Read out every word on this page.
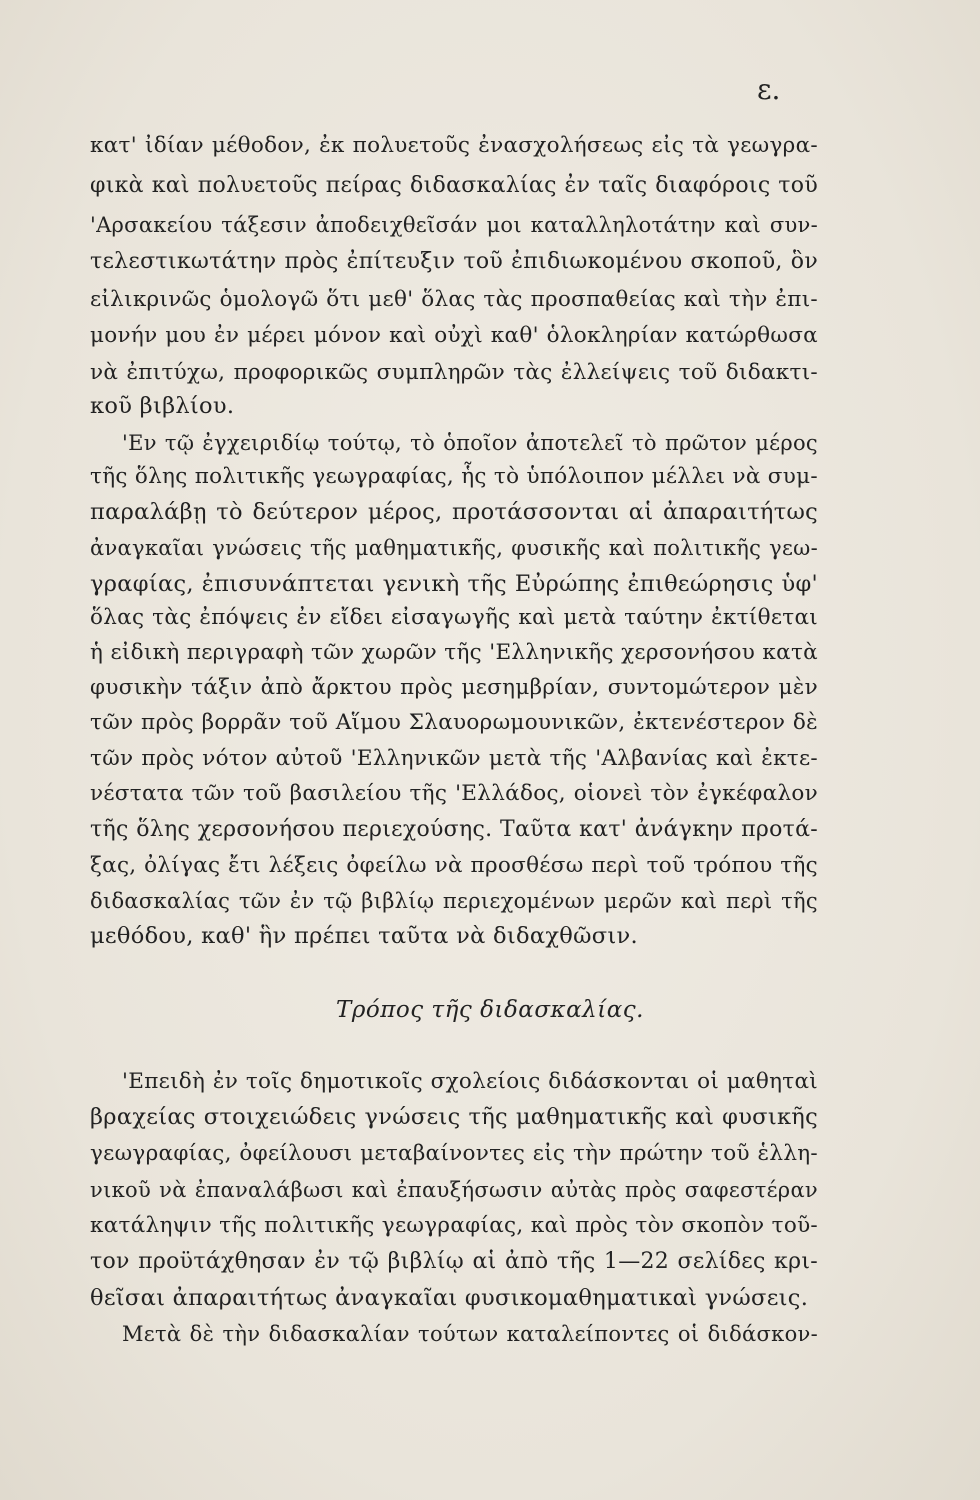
ε.
κατ' ἰδίαν μέθοδον, ἐκ πολυετοῦς ἐνασχολήσεως εἰς τὰ γεωγρα-
φικὰ καὶ πολυετοῦς πείρας διδασκαλίας ἐν ταῖς διαφόροις τοῦ
'Αρσακείου τάξεσιν ἀποδειχθεῖσάν μοι καταλληλοτάτην καὶ συν-
τελεστικωτάτην πρὸς ἐπίτευξιν τοῦ ἐπιδιωκομένου σκοποῦ, ὃν
εἰλικρινῶς ὁμολογῶ ὅτι μεθ' ὅλας τὰς προσπαθείας καὶ τὴν ἐπι-
μονήν μου ἐν μέρει μόνον καὶ οὐχὶ καθ' ὁλοκληρίαν κατώρθωσα
νὰ ἐπιτύχω, προφορικῶς συμπληρῶν τὰς ἐλλείψεις τοῦ διδακτι-
κοῦ βιβλίου.
'Εν τῷ ἐγχειριδίῳ τούτῳ, τὸ ὁποῖον ἀποτελεῖ τὸ πρῶτον μέρος
τῆς ὅλης πολιτικῆς γεωγραφίας, ἧς τὸ ὑπόλοιπον μέλλει νὰ συμ-
παραλάβῃ τὸ δεύτερον μέρος, προτάσσονται αἱ ἀπαραιτήτως
ἀναγκαῖαι γνώσεις τῆς μαθηματικῆς, φυσικῆς καὶ πολιτικῆς γεω-
γραφίας, ἐπισυνάπτεται γενικὴ τῆς Εὐρώπης ἐπιθεώρησις ὑφ'
ὅλας τὰς ἐπόψεις ἐν εἴδει εἰσαγωγῆς καὶ μετὰ ταύτην ἐκτίθεται
ἡ εἰδικὴ περιγραφὴ τῶν χωρῶν τῆς 'Ελληνικῆς χερσονήσου κατὰ
φυσικὴν τάξιν ἀπὸ ἄρκτου πρὸς μεσημβρίαν, συντομώτερον μὲν
τῶν πρὸς βορρᾶν τοῦ Αἵμου Σλαυορωμουνικῶν, ἐκτενέστερον δὲ
τῶν πρὸς νότον αὐτοῦ 'Ελληνικῶν μετὰ τῆς 'Αλβανίας καὶ ἐκτε-
νέστατα τῶν τοῦ βασιλείου τῆς 'Ελλάδος, οἱονεὶ τὸν ἐγκέφαλον
τῆς ὅλης χερσονήσου περιεχούσης. Ταῦτα κατ' ἀνάγκην προτά-
ξας, ὀλίγας ἔτι λέξεις ὀφείλω νὰ προσθέσω περὶ τοῦ τρόπου τῆς
διδασκαλίας τῶν ἐν τῷ βιβλίῳ περιεχομένων μερῶν καὶ περὶ τῆς
μεθόδου, καθ' ἣν πρέπει ταῦτα νὰ διδαχθῶσιν.
Τρόπος τῆς διδασκαλίας.
'Επειδὴ ἐν τοῖς δημοτικοῖς σχολείοις διδάσκονται οἱ μαθηταὶ
βραχείας στοιχειώδεις γνώσεις τῆς μαθηματικῆς καὶ φυσικῆς
γεωγραφίας, ὀφείλουσι μεταβαίνοντες εἰς τὴν πρώτην τοῦ ἑλλη-
νικοῦ νὰ ἐπαναλάβωσι καὶ ἐπαυξήσωσιν αὐτὰς πρὸς σαφεστέραν
κατάληψιν τῆς πολιτικῆς γεωγραφίας, καὶ πρὸς τὸν σκοπὸν τοῦ-
τον προϋτάχθησαν ἐν τῷ βιβλίῳ αἱ ἀπὸ τῆς 1—22 σελίδες κρι-
θεῖσαι ἀπαραιτήτως ἀναγκαῖαι φυσικομαθηματικαὶ γνώσεις.
Μετὰ δὲ τὴν διδασκαλίαν τούτων καταλείποντες οἱ διδάσκον-
